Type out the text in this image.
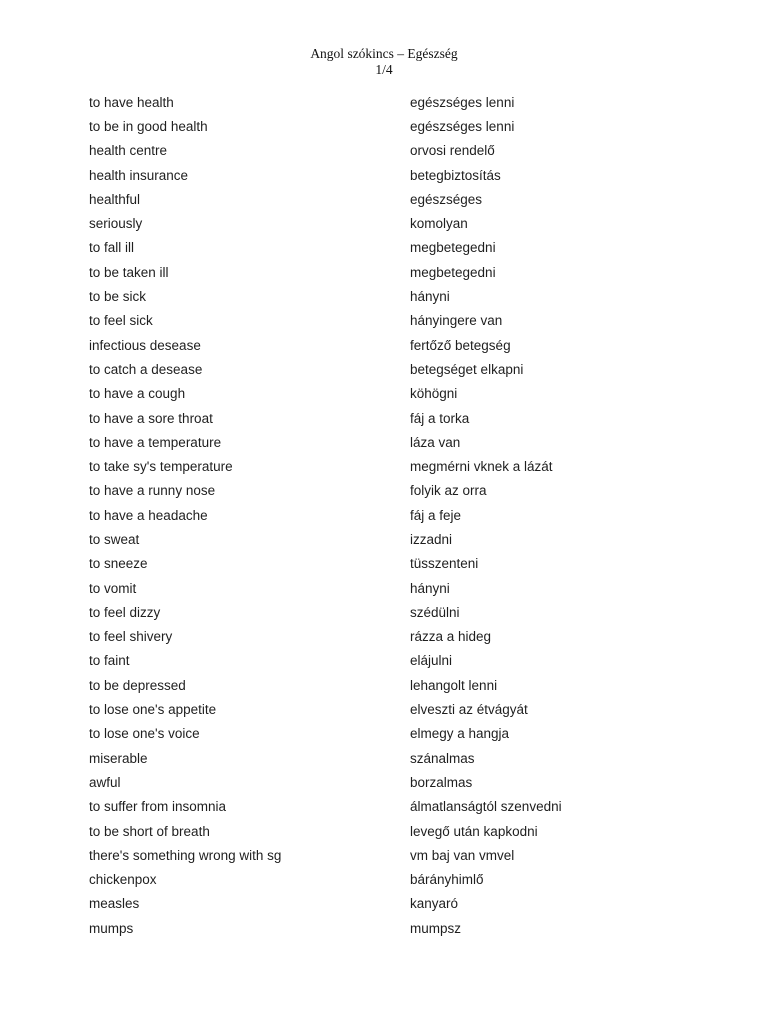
Angol szókincs – Egészség
1/4
to have health	egészséges lenni
to be in good health	egészséges lenni
health centre	orvosi rendelő
health insurance	betegbiztosítás
healthful	egészséges
seriously	komolyan
to fall ill	megbetegedni
to be taken ill	megbetegedni
to be sick	hányni
to feel sick	hányingere van
infectious desease	fertőző betegség
to catch a desease	betegséget elkapni
to have a cough	köhögni
to have a sore throat	fáj a torka
to have a temperature	láza van
to take sy's temperature	megmérni vknek a lázát
to have a runny nose	folyik az orra
to have a headache	fáj a feje
to sweat	izzadni
to sneeze	tüsszenteni
to vomit	hányni
to feel dizzy	szédülni
to feel shivery	rázza a hideg
to faint	elájulni
to be depressed	lehangolt lenni
to lose one's appetite	elveszti az étvágyát
to lose one's voice	elmegy a hangja
miserable	szánalmas
awful	borzalmas
to suffer from insomnia	álmatlanságtól szenvedni
to be short of breath	levegő után kapkodni
there's something wrong with sg	vm baj van vmvel
chickenpox	bárányhimlő
measles	kanyaró
mumps	mumpsz
